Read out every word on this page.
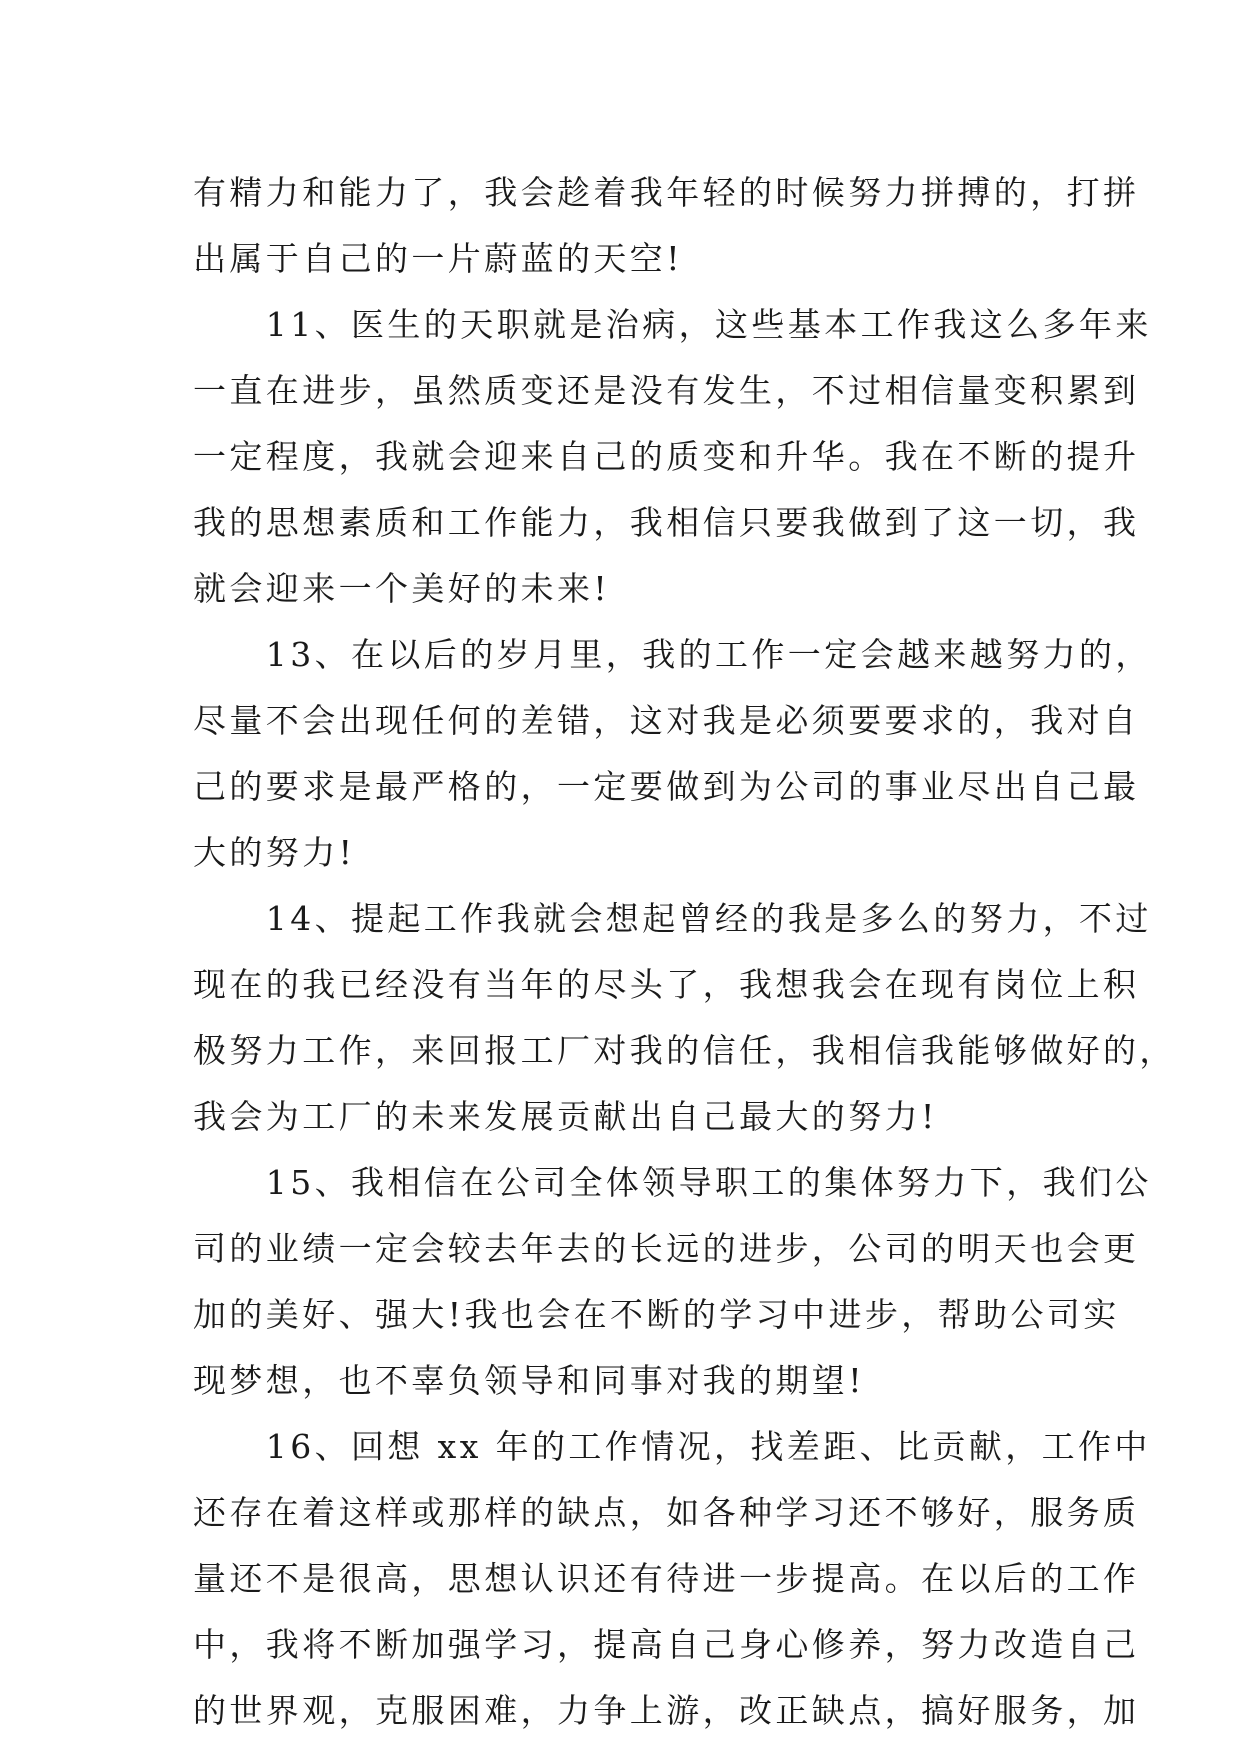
有精力和能力了，我会趁着我年轻的时候努力拼搏的，打拼
出属于自己的一片蔚蓝的天空!
　　11、医生的天职就是治病，这些基本工作我这么多年来
一直在进步，虽然质变还是没有发生，不过相信量变积累到
一定程度，我就会迎来自己的质变和升华。我在不断的提升
我的思想素质和工作能力，我相信只要我做到了这一切，我
就会迎来一个美好的未来!
　　13、在以后的岁月里，我的工作一定会越来越努力的，
尽量不会出现任何的差错，这对我是必须要要求的，我对自
己的要求是最严格的，一定要做到为公司的事业尽出自己最
大的努力!
　　14、提起工作我就会想起曾经的我是多么的努力，不过
现在的我已经没有当年的尽头了，我想我会在现有岗位上积
极努力工作，来回报工厂对我的信任，我相信我能够做好的，
我会为工厂的未来发展贡献出自己最大的努力!
　　15、我相信在公司全体领导职工的集体努力下，我们公
司的业绩一定会较去年去的长远的进步，公司的明天也会更
加的美好、强大!我也会在不断的学习中进步，帮助公司实
现梦想，也不辜负领导和同事对我的期望!
　　16、回想 xx 年的工作情况，找差距、比贡献，工作中
还存在着这样或那样的缺点，如各种学习还不够好，服务质
量还不是很高，思想认识还有待进一步提高。在以后的工作
中，我将不断加强学习，提高自己身心修养，努力改造自己
的世界观，克服困难，力争上游，改正缺点，搞好服务，加
